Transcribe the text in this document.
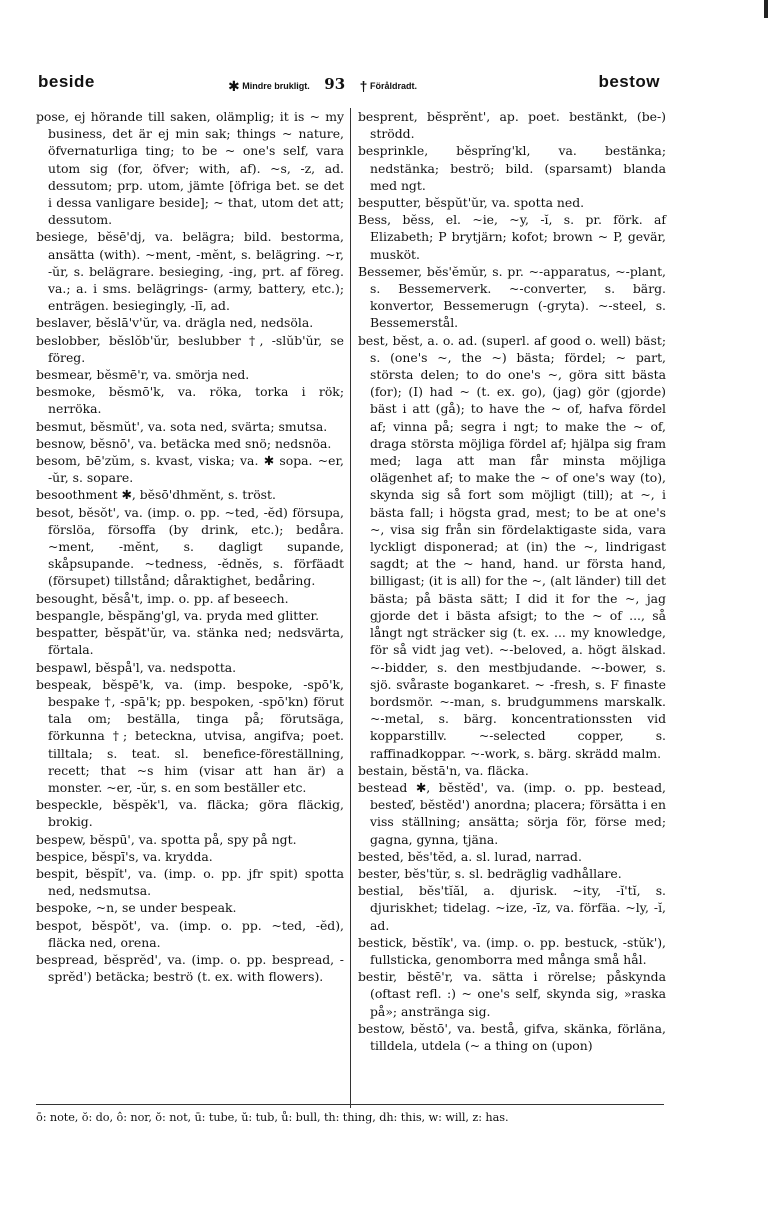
beside	✱ Mindre brukligt. 93 † Föråldradt.	bestow

pose, ej hörande till saken, olämplig; it is ~ my business, det är ej min sak; things ~ nature, öfvernaturliga ting; to be ~ one's self, vara utom sig (for, öfver; with, af). ~s, -z, ad. dessutom; prp. utom, jämte [öfriga bet. se det i dessa vanligare beside]; ~ that, utom det att; dessutom.

besiege, bĕsē'dj, va. belägra; bild. bestorma, ansätta (with). ~ment, -mĕnt, s. belägring. ~r, -ŭr, s. belägrare. besieging, -ing, prt. af föreg. va.; a. i sms. belägrings- (army, battery, etc.); enträgen. besiegingly, -lī, ad.

beslaver, bĕslā'v'ŭr, va. drägla ned, nedsöla.

beslobber, bĕslŏb'ŭr, beslubber †, -slŭb'ŭr, se föreg.

besmear, bĕsmē'r, va. smörja ned.

besmoke, bĕsmō'k, va. röka, torka i rök; nerröka.

besmut, bĕsmŭt', va. sota ned, svärta; smutsa.

besnow, bĕsnō', va. betäcka med snö; nedsnöa.

besom, bē'zŭm, s. kvast, viska; va. ✱ sopa. ~er, -ŭr, s. sopare.

besoothment ✱, bĕsō'dhmĕnt, s. tröst.

besot, bĕsŏt', va. (imp. o. pp. ~ted, -ĕd) försupa, förslöa, försoffa (by drink, etc.); bedåra. ~ment, -mĕnt, s. dagligt supande, skåpsupande. ~tedness, -ĕdnĕs, s. förfäadt (försupet) tillstånd; dåraktighet, bedåring.

besought, bĕså't, imp. o. pp. af beseech.

bespangle, bĕspăng'gl, va. pryda med glitter.

bespatter, bĕspăt'ŭr, va. stänka ned; nedsvärta, förtala.

bespawl, bĕspå'l, va. nedspotta.

bespeak, bĕspē'k, va. (imp. bespoke, -spō'k, bespake †, -spā'k; pp. bespoken, -spō'kn) förut tala om; beställa, tinga på; förutsäga, förkunna †; beteckna, utvisa, angifva; poet. tilltala; s. teat. sl. benefice-föreställning, recett; that ~s him (visar att han är) a monster. ~er, -ŭr, s. en som beställer etc.

bespeckle, bĕspĕk'l, va. fläcka; göra fläckig, brokig.

bespew, bĕspū', va. spotta på, spy på ngt.

bespice, bĕspī's, va. krydda.

bespit, bĕspĭt', va. (imp. o. pp. jfr spit) spotta ned, nedsmutsa.

bespoke, ~n, se under bespeak.

bespot, bĕspŏt', va. (imp. o. pp. ~ted, -ĕd), fläcka ned, orena.

bespread, bĕsprĕd', va. (imp. o. pp. bespread, -sprĕd') betäcka; beströ (t. ex. with flowers).

besprent, bĕsprĕnt', ap. poet. bestänkt, (be-) strödd.

besprinkle, bĕsprĭng'kl, va. bestänka; nedstänka; beströ; bild. (sparsamt) blanda med ngt.

besputter, bĕspŭt'ŭr, va. spotta ned.

Bess, bĕss, el. ~ie, ~y, -ĭ, s. pr. förk. af Elizabeth; P brytjärn; kofot; brown ~ P, gevär, musköt.

Bessemer, bĕs'ĕmŭr, s. pr. ~-apparatus, ~-plant, s. Bessemerverk. ~-converter, s. bärg. konvertor, Bessemerugn (-gryta). ~-steel, s. Bessemerstål.

best, bĕst, a. o. ad. (superl. af good o. well) bäst; s. (one's ~, the ~) bästa; fördel; ~ part, största delen; to do one's ~, göra sitt bästa (for); (I) had ~ (t. ex. go), (jag) gör (gjorde) bäst i att (gå); to have the ~ of, hafva fördel af; vinna på; segra i ngt; to make the ~ of, draga största möjliga fördel af; hjälpa sig fram med; laga att man får minsta möjliga olägenhet af; to make the ~ of one's way (to), skynda sig så fort som möjligt (till); at ~, i bästa fall; i högsta grad, mest; to be at one's ~, visa sig från sin fördelaktigaste sida, vara lyckligt disponerad; at (in) the ~, lindrigast sagdt; at the ~ hand, hand. ur första hand, billigast; (it is all) for the ~, (alt länder) till det bästa; på bästa sätt; I did it for the ~, jag gjorde det i bästa afsigt; to the ~ of ..., så långt ngt sträcker sig (t. ex. ... my knowledge, för så vidt jag vet). ~-beloved, a. högt älskad. ~-bidder, s. den mestbjudande. ~-bower, s. sjö. svåraste bogankaret. ~ -fresh, s. F finaste bordsmör. ~-man, s. brudgummens marskalk. ~-metal, s. bärg. koncentrationssten vid kopparstillv. ~-selected copper, s. raffinadkoppar. ~-work, s. bärg. skrädd malm.

bestain, bĕstā'n, va. fläcka.

bestead ✱, bĕstĕd', va. (imp. o. pp. bestead, besteď, bĕstĕd') anordna; placera; försätta i en viss ställning; ansätta; sörja för, förse med; gagna, gynna, tjäna.

bested, bĕs'tĕd, a. sl. lurad, narrad.

bester, bĕs'tŭr, s. sl. bedräglig vadhållare.

bestial, bĕs'tĭăl, a. djurisk. ~ity, -ĭ'tĭ, s. djuriskhet; tidelag. ~ize, -īz, va. förfäa. ~ly, -ĭ, ad.

bestick, bĕstĭk', va. (imp. o. pp. bestuck, -stŭk'), fullsticka, genomborra med många små hål.

bestir, bĕstē'r, va. sätta i rörelse; påskynda (oftast refl. :) ~ one's self, skynda sig, »raska på»; anstränga sig.

bestow, bĕstō', va. bestå, gifva, skänka, förläna, tilldela, utdela (~ a thing on (upon)

ō: note, ŏ: do, ô: nor, ŏ: not, ū: tube, ŭ: tub, ů: bull, th: thing, dh: this, w: will, z: has.
